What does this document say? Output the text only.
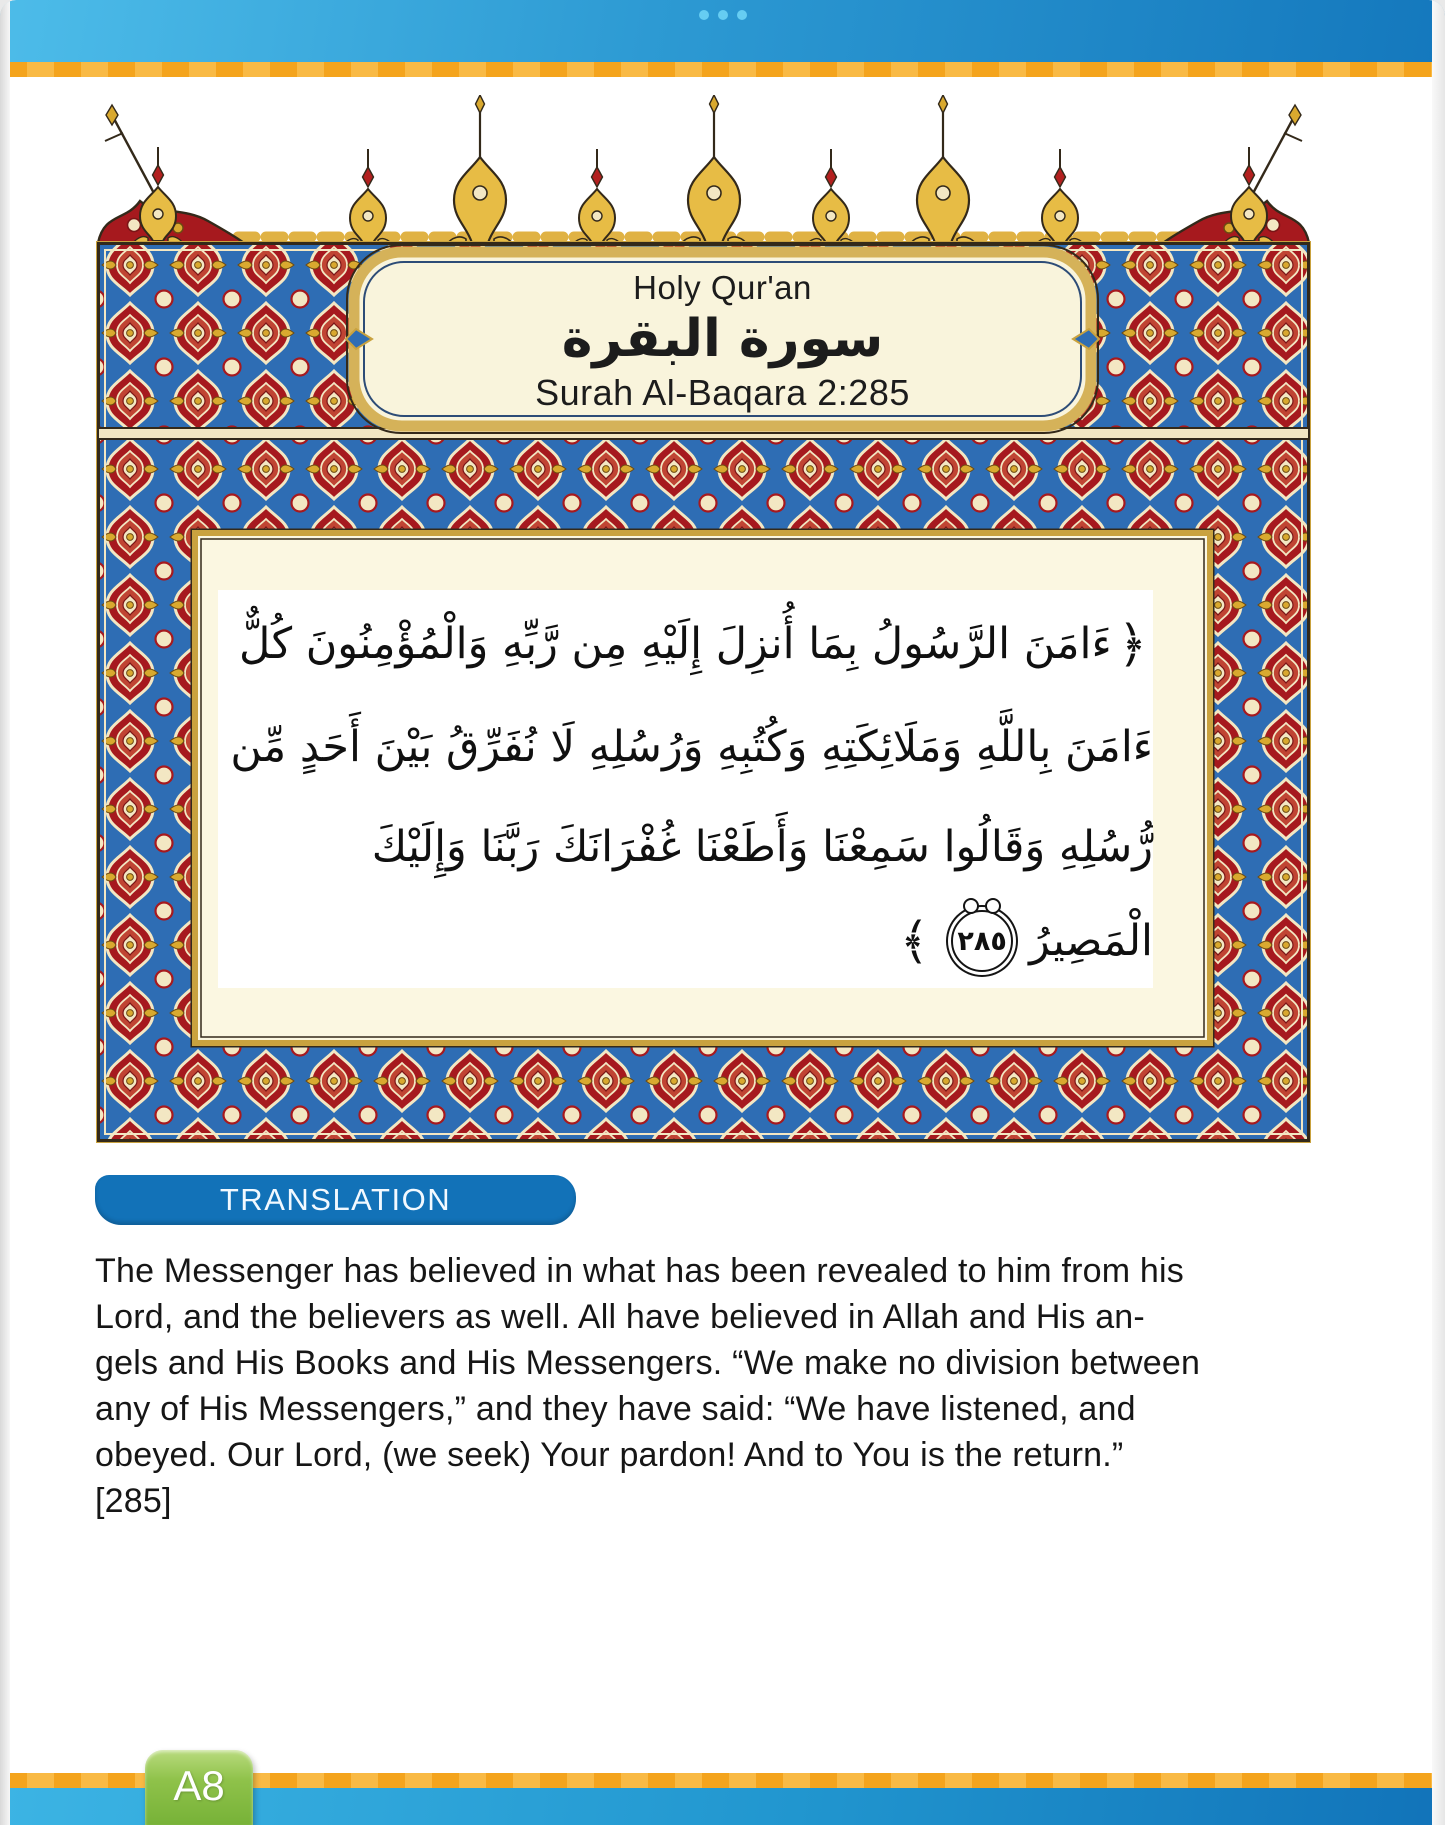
Holy Qur'an
سورة البقرة
Surah Al-Baqara 2:285
﴿
ءَامَنَ الرَّسُولُ بِمَا أُنزِلَ إِلَيْهِ مِن رَّبِّهِ وَالْمُؤْمِنُونَ كُلٌّ
ءَامَنَ بِاللَّهِ وَمَلَائِكَتِهِ وَكُتُبِهِ وَرُسُلِهِ لَا نُفَرِّقُ بَيْنَ أَحَدٍ مِّن
رُّسُلِهِ وَقَالُوا سَمِعْنَا وَأَطَعْنَا غُفْرَانَكَ رَبَّنَا وَإِلَيْكَ
الْمَصِيرُ
٢٨٥
﴾
TRANSLATION
The Messenger has believed in what has been revealed to him from his
Lord, and the believers as well. All have believed in Allah and His an-
gels and His Books and His Messengers. “We make no division between
any of His Messengers,” and they have said: “We have listened, and
obeyed. Our Lord, (we seek) Your pardon! And to You is the return.”
[285]
A8
